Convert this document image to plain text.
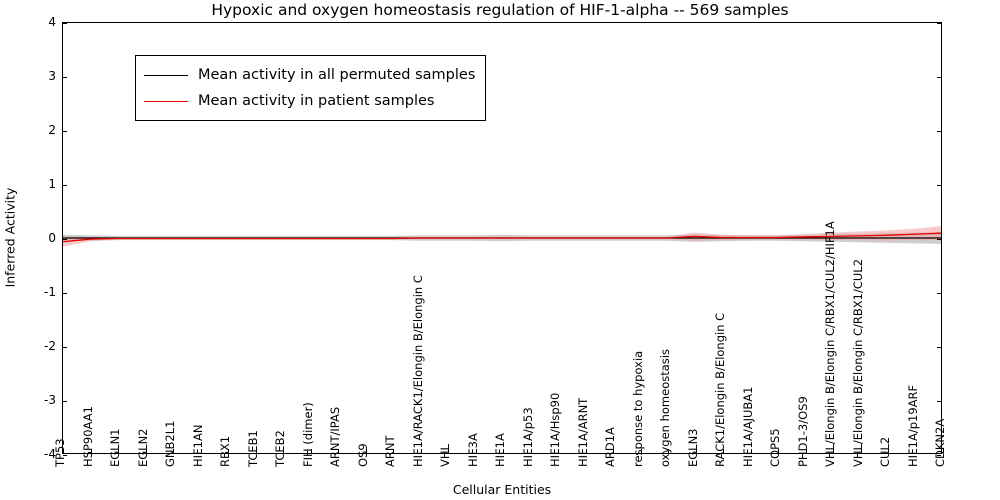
Hypoxic and oxygen homeostasis regulation of HIF-1-alpha -- 569 samples
Inferred Activity
-4
-3
-2
-1
0
1
2
3
4
TP53 HSP90AA1 EGLN1 EGLN2 GNB2L1 HIF1AN RBX1 TCEB1 TCEB2 FIH (dimer) ARNT/IPAS OS9 ARNT HIF1A/RACK1/Elongin B/Elongin C VHL HIF3A HIF1A HIF1A/p53 HIF1A/Hsp90 HIF1A/ARNT ARD1A response to hypoxia oxygen homeostasis EGLN3 RACK1/Elongin B/Elongin C HIF1A/AJUBA1 COPS5 PHD1-3/OS9 VHL/Elongin B/Elongin C/RBX1/CUL2/HIF1A VHL/Elongin B/Elongin C/RBX1/CUL2 CUL2 HIF1A/p19ARF CDKN2A
Mean activity in all permuted samples
Mean activity in patient samples
Cellular Entities
